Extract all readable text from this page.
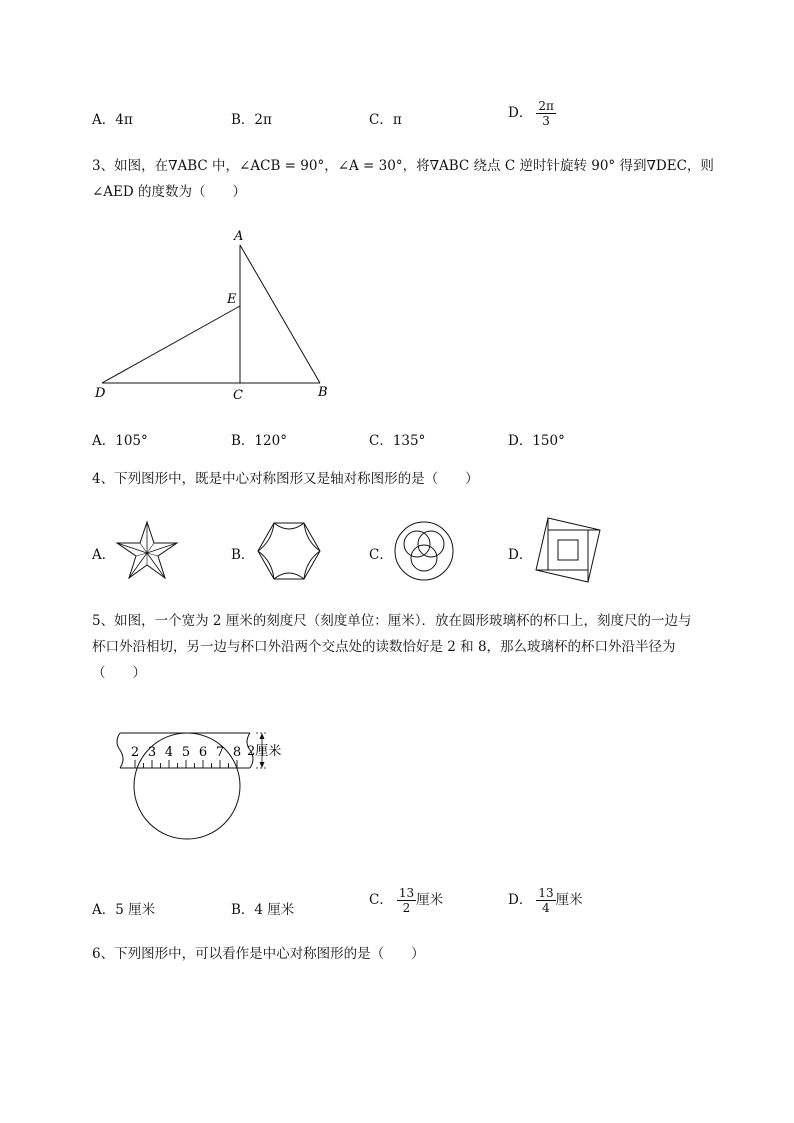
A．4π	B．2π	C．π	D． $\frac{2\pi}{3}$
3、如图，在∇ABC 中，∠ACB = 90°，∠A = 30°，将∇ABC 绕点 C 逆时针旋转 90° 得到∇DEC，则
∠AED 的度数为（　　）
A
E
D	C	B
A．105°	B．120°	C．135°	D．150°
4、下列图形中，既是中心对称图形又是轴对称图形的是（　　）
A．	B．	C．	D．
5、如图，一个宽为 2 厘米的刻度尺（刻度单位：厘米）．放在圆形玻璃杯的杯口上，刻度尺的一边与
杯口外沿相切，另一边与杯口外沿两个交点处的读数恰好是 2 和 8，那么玻璃杯的杯口外沿半径为
（　　）
2 3 4 5 6 7 8 2厘米
A．5 厘米	B．4 厘米
C． $\frac{13}{2}$ 厘米	D． $\frac{13}{4}$ 厘米
6、下列图形中，可以看作是中心对称图形的是（　　）
